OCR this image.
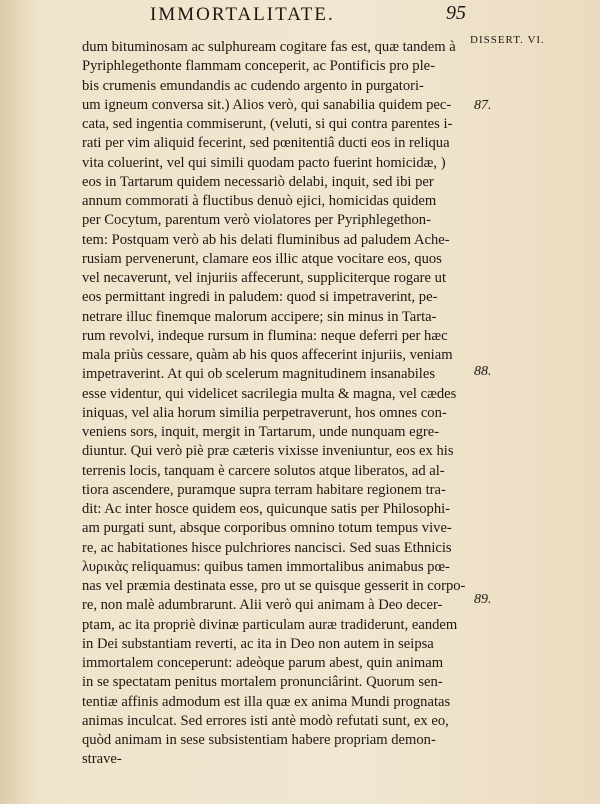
IMMORTALITATE.	95
DISSERT. VI.
87.
88.
89.
dum bituminosam ac sulphuream cogitare fas est, quæ tandem à
Pyriphlegethonte flammam conceperit, ac Pontificis pro ple-
bis crumenis emundandis ac cudendo argento in purgatori-
um igneum conversa sit.) Alios verò, qui sanabilia quidem pec-
cata, sed ingentia commiserunt, (veluti, si qui contra parentes i-
rati per vim aliquid fecerint, sed pœnitentiâ ducti eos in reliqua
vita coluerint, vel qui simili quodam pacto fuerint homicidæ, )
eos in Tartarum quidem necessariò delabi, inquit, sed ibi per
annum commorati à fluctibus denuò ejici, homicidas quidem
per Cocytum, parentum verò violatores per Pyriphlegethon-
tem: Postquam verò ab his delati fluminibus ad paludem Ache-
rusiam pervenerunt, clamare eos illic atque vocitare eos, quos
vel necaverunt, vel injuriis affecerunt, suppliciterque rogare ut
eos permittant ingredi in paludem: quod si impetraverint, pe-
netrare illuc finemque malorum accipere; sin minus in Tarta-
rum revolvi, indeque rursum in flumina: neque deferri per hæc
mala priùs cessare, quàm ab his quos affecerint injuriis, veniam
impetraverint. At qui ob scelerum magnitudinem insanabiles
esse videntur, qui videlicet sacrilegia multa & magna, vel cædes
iniquas, vel alia horum similia perpetraverunt, hos omnes con-
veniens sors, inquit, mergit in Tartarum, unde nunquam egre-
diuntur. Qui verò piè præ cæteris vixisse inveniuntur, eos ex his
terrenis locis, tanquam è carcere solutos atque liberatos, ad al-
tiora ascendere, puramque supra terram habitare regionem tra-
dit: Ac inter hosce quidem eos, quicunque satis per Philosophi-
am purgati sunt, absque corporibus omnino totum tempus vive-
re, ac habitationes hisce pulchriores nancisci. Sed suas Ethnicis
λυρικὰς reliquamus: quibus tamen immortalibus animabus pœ-
nas vel præmia destinata esse, pro ut se quisque gesserit in corpo-
re, non malè adumbrarunt. Alii verò qui animam à Deo decer-
ptam, ac ita propriè divinæ particulam auræ tradiderunt, eandem
in Dei substantiam reverti, ac ita in Deo non autem in seipsa
immortalem conceperunt: adeòque parum abest, quin animam
in se spectatam penitus mortalem pronunciârint. Quorum sen-
tentiæ affinis admodum est illa quæ ex anima Mundi prognatas
animas inculcat. Sed errores isti antè modò refutati sunt, ex eo,
quòd animam in sese subsistentiam habere propriam demon-
strave-
